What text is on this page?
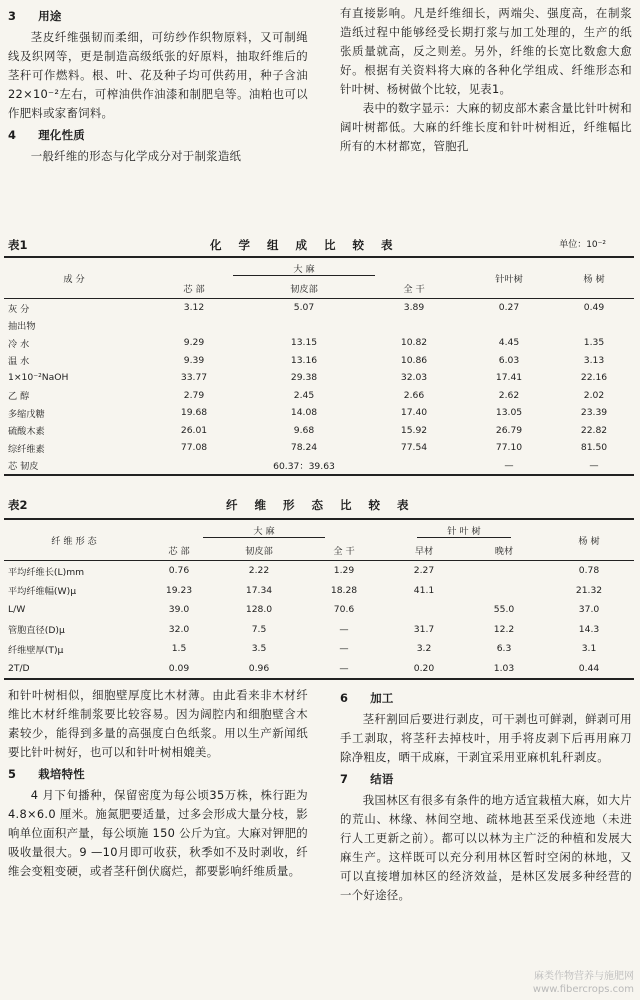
3 用途

茎皮纤维强韧而柔细，可纺纱作织物原料，又可制绳线及织网等，更是制造高级纸张的好原料，抽取纤维后的茎秆可作燃料。根、叶、花及种子均可供药用，种子含油 22×10⁻²左右，可榨油供作油漆和制肥皂等。油粕也可以作肥料或家畜饲料。

4 理化性质

一般纤维的形态与化学成分对于制浆造纸

有直接影响。凡是纤维细长，两端尖、强度高，在制浆造纸过程中能够经受长期打浆与加工处理的，生产的纸张质量就高，反之则差。另外，纤维的长宽比数愈大愈好。根据有关资料将大麻的各种化学组成、纤维形态和针叶树、杨树做个比较，见表1。

表中的数字显示：大麻的韧皮部木素含量比针叶树和阔叶树都低。大麻的纤维长度和针叶树相近，纤维幅比所有的木材都宽，管胞孔

表1	化学组成比较表	单位：10⁻²
成 分	大 麻			针叶树	杨 树
	芯 部	韧皮部	全 干		
灰 分	3.12	5.07	3.89	0.27	0.49
抽出物					
冷 水	9.29	13.15	10.82	4.45	1.35
温 水	9.39	13.16	10.86	6.03	3.13
1×10⁻²NaOH	33.77	29.38	32.03	17.41	22.16
乙 醇	2.79	2.45	2.66	2.62	2.02
多缩戊糖	19.68	14.08	17.40	13.05	23.39
硫酸木素	26.01	9.68	15.92	26.79	22.82
综纤维素	77.08	78.24	77.54	77.10	81.50
芯 韧皮		60.37：39.63		—	—
表2	纤维形态比较表
纤 维 形 态	大 麻			针 叶 树		杨 树
	芯 部	韧皮部	全 干	早材	晚材	
平均纤维长(L)mm	0.76	2.22	1.29	2.27		0.78
平均纤维幅(W)μ	19.23	17.34	18.28	41.1		21.32
L/W	39.0	128.0	70.6		55.0	37.0
管胞直径(D)μ	32.0	7.5	—	31.7	12.2	14.3
纤维壁厚(T)μ	1.5	3.5	—	3.2	6.3	3.1
2T/D	0.09	0.96	—	0.20	1.03	0.44

和针叶树相似，细胞壁厚度比木材薄。由此看来非木材纤维比木材纤维制浆要比较容易。因为阔腔内和细胞壁含木素较少，能得到多量的高强度白色纸浆。用以生产新闻纸要比针叶树好，也可以和针叶树相媲美。

5 栽培特性

4 月下旬播种，保留密度为每公顷35万株，株行距为 4.8×6.0 厘米。施氮肥要适量，过多会形成大量分枝，影响单位面积产量，每公顷施 150 公斤为宜。大麻对钾肥的吸收量很大。9 —10月即可收获，秋季如不及时剥收，纤维会变粗变硬，或者茎秆倒伏腐烂，都要影响纤维质量。

6 加工

茎秆割回后要进行剥皮，可干剥也可鲜剥，鲜剥可用手工剥取，将茎秆去掉枝叶，用手将皮剥下后再用麻刀除净粗皮，晒干成麻，干剥宜采用亚麻机轧秆剥皮。

7 结语

我国林区有很多有条件的地方适宜栽植大麻，如大片的荒山、林缘、林间空地、疏林地甚至采伐迹地（未进行人工更新之前）。都可以以林为主广泛的种植和发展大麻生产。这样既可以充分利用林区暂时空闲的林地，又可以直接增加林区的经济效益，是林区发展多种经营的一个好途径。

麻类作物营养与施肥网
www.fibercrops.com
